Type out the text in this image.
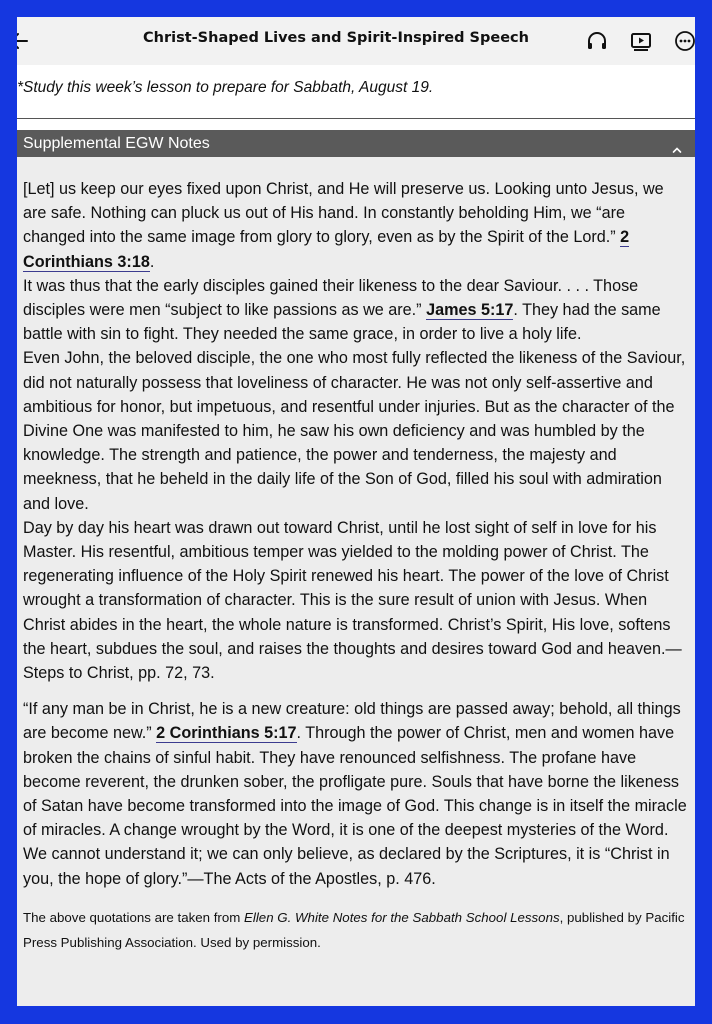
Christ-Shaped Lives and Spirit-Inspired Speech
*Study this week’s lesson to prepare for Sabbath, August 19.
Supplemental EGW Notes

[Let] us keep our eyes fixed upon Christ, and He will preserve us. Looking unto Jesus, we are safe. Nothing can pluck us out of His hand. In constantly beholding Him, we “are changed into the same image from glory to glory, even as by the Spirit of the Lord.” 2 Corinthians 3:18.

It was thus that the early disciples gained their likeness to the dear Saviour. . . . Those disciples were men “subject to like passions as we are.” James 5:17. They had the same battle with sin to fight. They needed the same grace, in order to live a holy life.

Even John, the beloved disciple, the one who most fully reflected the likeness of the Saviour, did not naturally possess that loveliness of character. He was not only self-assertive and ambitious for honor, but impetuous, and resentful under injuries. But as the character of the Divine One was manifested to him, he saw his own deficiency and was humbled by the knowledge. The strength and patience, the power and tenderness, the majesty and meekness, that he beheld in the daily life of the Son of God, filled his soul with admiration and love.

Day by day his heart was drawn out toward Christ, until he lost sight of self in love for his Master. His resentful, ambitious temper was yielded to the molding power of Christ. The regenerating influence of the Holy Spirit renewed his heart. The power of the love of Christ wrought a transformation of character. This is the sure result of union with Jesus. When Christ abides in the heart, the whole nature is transformed. Christ’s Spirit, His love, softens the heart, subdues the soul, and raises the thoughts and desires toward God and heaven.—Steps to Christ, pp. 72, 73.

“If any man be in Christ, he is a new creature: old things are passed away; behold, all things are become new.” 2 Corinthians 5:17. Through the power of Christ, men and women have broken the chains of sinful habit. They have renounced selfishness. The profane have become reverent, the drunken sober, the profligate pure. Souls that have borne the likeness of Satan have become transformed into the image of God. This change is in itself the miracle of miracles. A change wrought by the Word, it is one of the deepest mysteries of the Word. We cannot understand it; we can only believe, as declared by the Scriptures, it is “Christ in you, the hope of glory.”—The Acts of the Apostles, p. 476.

The above quotations are taken from Ellen G. White Notes for the Sabbath School Lessons, published by Pacific Press Publishing Association. Used by permission.
